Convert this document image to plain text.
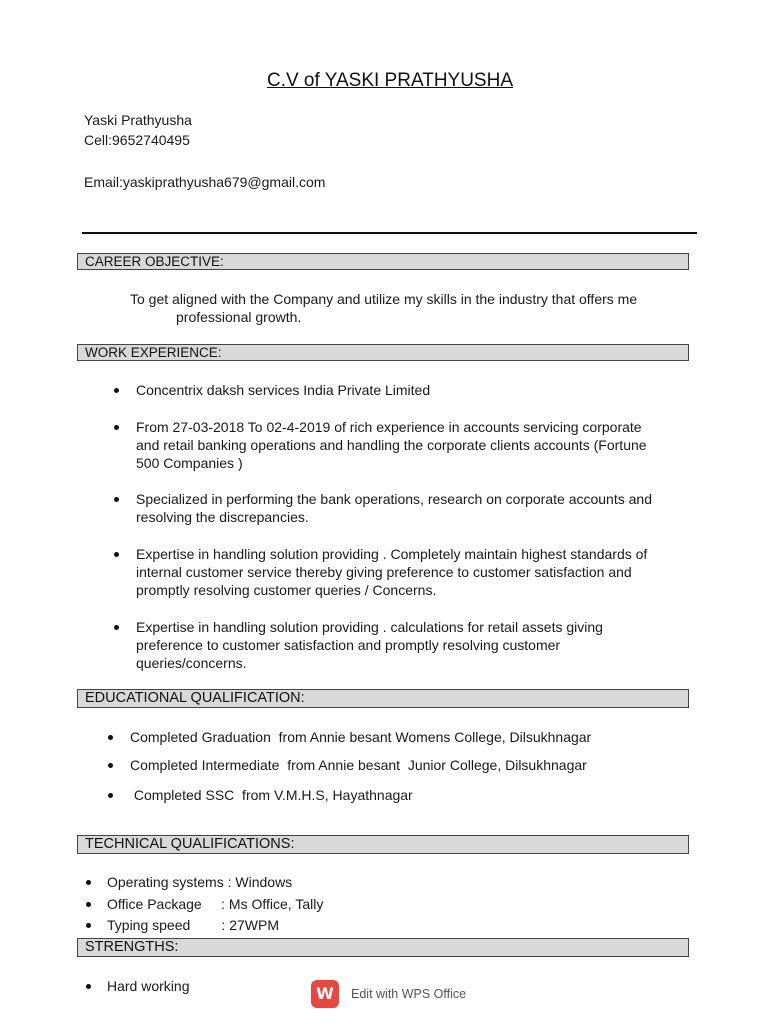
C.V of YASKI PRATHYUSHA
Yaski Prathyusha
Cell:9652740495
Email:yaskiprathyusha679@gmail.com
CAREER OBJECTIVE:
To get aligned with the Company and utilize my skills in the industry that offers me
professional growth.
WORK EXPERIENCE:
Concentrix daksh services India Private Limited
From 27-03-2018 To 02-4-2019 of rich experience in accounts servicing corporate
and retail banking operations and handling the corporate clients accounts (Fortune
500 Companies )
Specialized in performing the bank operations, research on corporate accounts and
resolving the discrepancies.
Expertise in handling solution providing . Completely maintain highest standards of
internal customer service thereby giving preference to customer satisfaction and
promptly resolving customer queries / Concerns.
Expertise in handling solution providing . calculations for retail assets giving
preference to customer satisfaction and promptly resolving customer
queries/concerns.
EDUCATIONAL QUALIFICATION:
Completed Graduation  from Annie besant Womens College, Dilsukhnagar
Completed Intermediate  from Annie besant  Junior College, Dilsukhnagar
Completed SSC  from V.M.H.S, Hayathnagar
TECHNICAL QUALIFICATIONS:
Operating systems : Windows
Office Package     : Ms Office, Tally
Typing speed        : 27WPM
STRENGTHS:
Hard working	W	Edit with WPS Office
